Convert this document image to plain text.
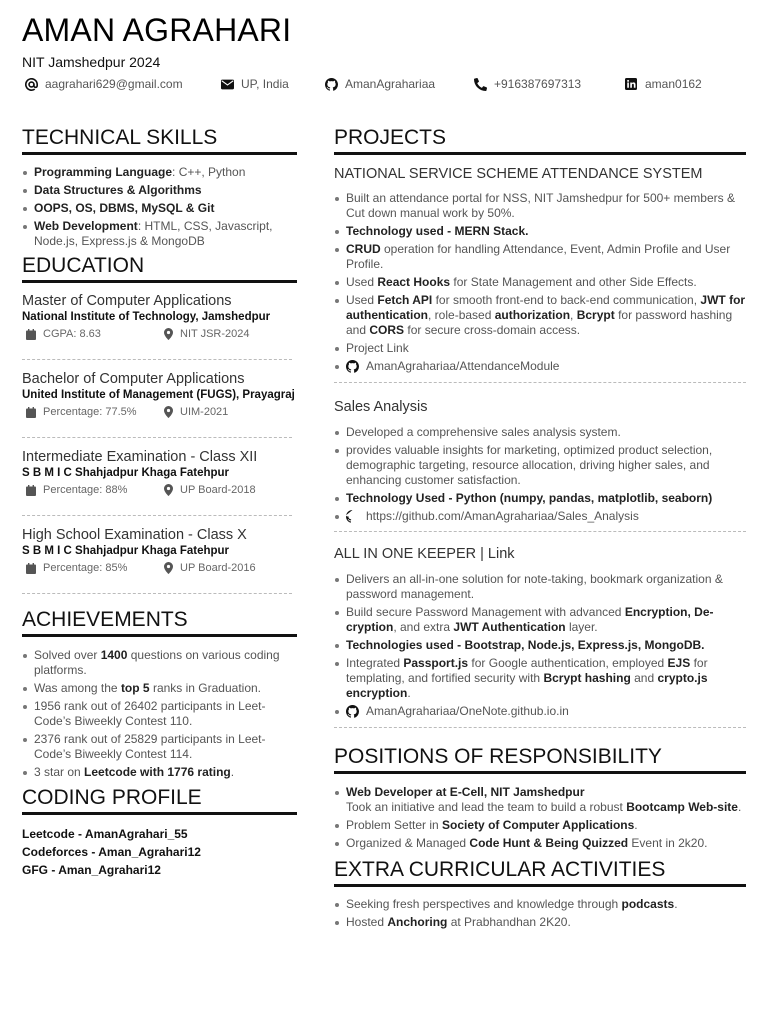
AMAN AGRAHARI
NIT Jamshedpur 2024
aagrahari629@gmail.com	UP, India	AmanAgrahariaa	+916387697313	aman0162
TECHNICAL SKILLS
Programming Language: C++, Python
Data Structures & Algorithms
OOPS, OS, DBMS, MySQL & Git
Web Development: HTML, CSS, Javascript, Node.js, Express.js & MongoDB
EDUCATION
Master of Computer Applications
National Institute of Technology, Jamshedpur
CGPA: 8.63	NIT JSR-2024
Bachelor of Computer Applications
United Institute of Management (FUGS), Prayagraj
Percentage: 77.5%	UIM-2021
Intermediate Examination - Class XII
S B M I C Shahjadpur Khaga Fatehpur
Percentage: 88%	UP Board-2018
High School Examination - Class X
S B M I C Shahjadpur Khaga Fatehpur
Percentage: 85%	UP Board-2016
ACHIEVEMENTS
Solved over 1400 questions on various coding platforms.
Was among the top 5 ranks in Graduation.
1956 rank out of 26402 participants in Leet-Code’s Biweekly Contest 110.
2376 rank out of 25829 participants in Leet-Code’s Biweekly Contest 114.
3 star on Leetcode with 1776 rating.
CODING PROFILE
Leetcode - AmanAgrahari_55
Codeforces - Aman_Agrahari12
GFG - Aman_Agrahari12
PROJECTS
NATIONAL SERVICE SCHEME ATTENDANCE SYSTEM
Built an attendance portal for NSS, NIT Jamshedpur for 500+ members & Cut down manual work by 50%.
Technology used - MERN Stack.
CRUD operation for handling Attendance, Event, Admin Profile and User Profile.
Used React Hooks for State Management and other Side Effects.
Used Fetch API for smooth front-end to back-end communication, JWT for authentication, role-based authorization, Bcrypt for password hashing and CORS for secure cross-domain access.
Project Link
AmanAgrahariaa/AttendanceModule
Sales Analysis
Developed a comprehensive sales analysis system.
provides valuable insights for marketing, optimized product selection, demographic targeting, resource allocation, driving higher sales, and enhancing customer satisfaction.
Technology Used - Python (numpy, pandas, matplotlib, seaborn)
https://github.com/AmanAgrahariaa/Sales_Analysis
ALL IN ONE KEEPER | Link
Delivers an all-in-one solution for note-taking, bookmark organization & password management.
Build secure Password Management with advanced Encryption, De-cryption, and extra JWT Authentication layer.
Technologies used - Bootstrap, Node.js, Express.js, MongoDB.
Integrated Passport.js for Google authentication, employed EJS for templating, and fortified security with Bcrypt hashing and crypto.js encryption.
AmanAgrahariaa/OneNote.github.io.in
POSITIONS OF RESPONSIBILITY
Web Developer at E-Cell, NIT Jamshedpur
Took an initiative and lead the team to build a robust Bootcamp Web-site.
Problem Setter in Society of Computer Applications.
Organized & Managed Code Hunt & Being Quizzed Event in 2k20.
EXTRA CURRICULAR ACTIVITIES
Seeking fresh perspectives and knowledge through podcasts.
Hosted Anchoring at Prabhandhan 2K20.
